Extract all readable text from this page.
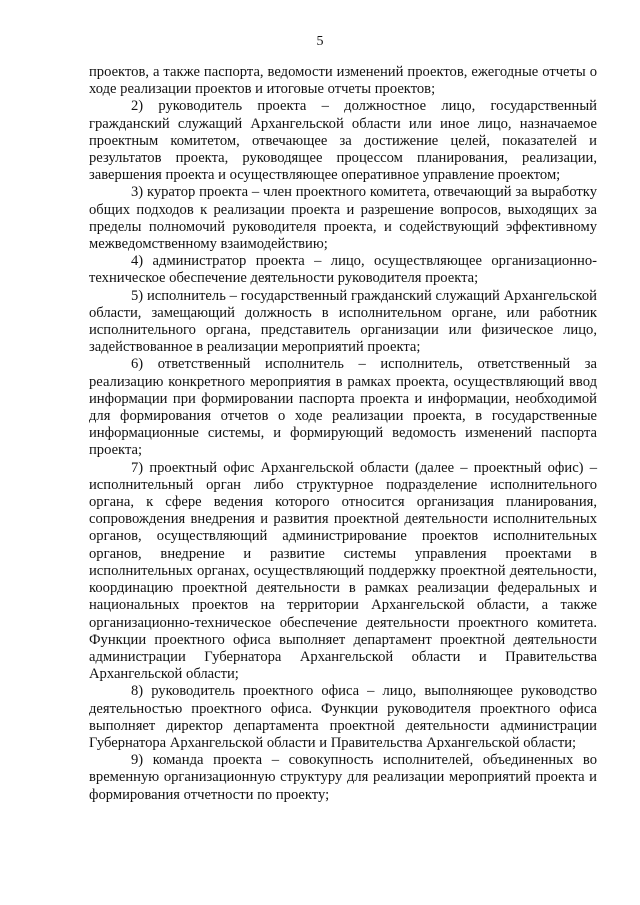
5

проектов, а также паспорта, ведомости изменений проектов, ежегодные отчеты о ходе реализации проектов и итоговые отчеты проектов;

2) руководитель проекта – должностное лицо, государственный гражданский служащий Архангельской области или иное лицо, назначаемое проектным комитетом, отвечающее за достижение целей, показателей и результатов проекта, руководящее процессом планирования, реализации, завершения проекта и осуществляющее оперативное управление проектом;

3) куратор проекта – член проектного комитета, отвечающий за выработку общих подходов к реализации проекта и разрешение вопросов, выходящих за пределы полномочий руководителя проекта, и содействующий эффективному межведомственному взаимодействию;

4) администратор проекта – лицо, осуществляющее организационно-техническое обеспечение деятельности руководителя проекта;

5) исполнитель – государственный гражданский служащий Архангельской области, замещающий должность в исполнительном органе, или работник исполнительного органа, представитель организации или физическое лицо, задействованное в реализации мероприятий проекта;

6) ответственный исполнитель – исполнитель, ответственный за реализацию конкретного мероприятия в рамках проекта, осуществляющий ввод информации при формировании паспорта проекта и информации, необходимой для формирования отчетов о ходе реализации проекта, в государственные информационные системы, и формирующий ведомость изменений паспорта проекта;

7) проектный офис Архангельской области (далее – проектный офис) – исполнительный орган либо структурное подразделение исполнительного органа, к сфере ведения которого относится организация планирования, сопровождения внедрения и развития проектной деятельности исполнительных органов, осуществляющий администрирование проектов исполнительных органов, внедрение и развитие системы управления проектами в исполнительных органах, осуществляющий поддержку проектной деятельности, координацию проектной деятельности в рамках реализации федеральных и национальных проектов на территории Архангельской области, а также организационно-техническое обеспечение деятельности проектного комитета. Функции проектного офиса выполняет департамент проектной деятельности администрации Губернатора Архангельской области и Правительства Архангельской области;

8) руководитель проектного офиса – лицо, выполняющее руководство деятельностью проектного офиса. Функции руководителя проектного офиса выполняет директор департамента проектной деятельности администрации Губернатора Архангельской области и Правительства Архангельской области;

9) команда проекта – совокупность исполнителей, объединенных во временную организационную структуру для реализации мероприятий проекта и формирования отчетности по проекту;
